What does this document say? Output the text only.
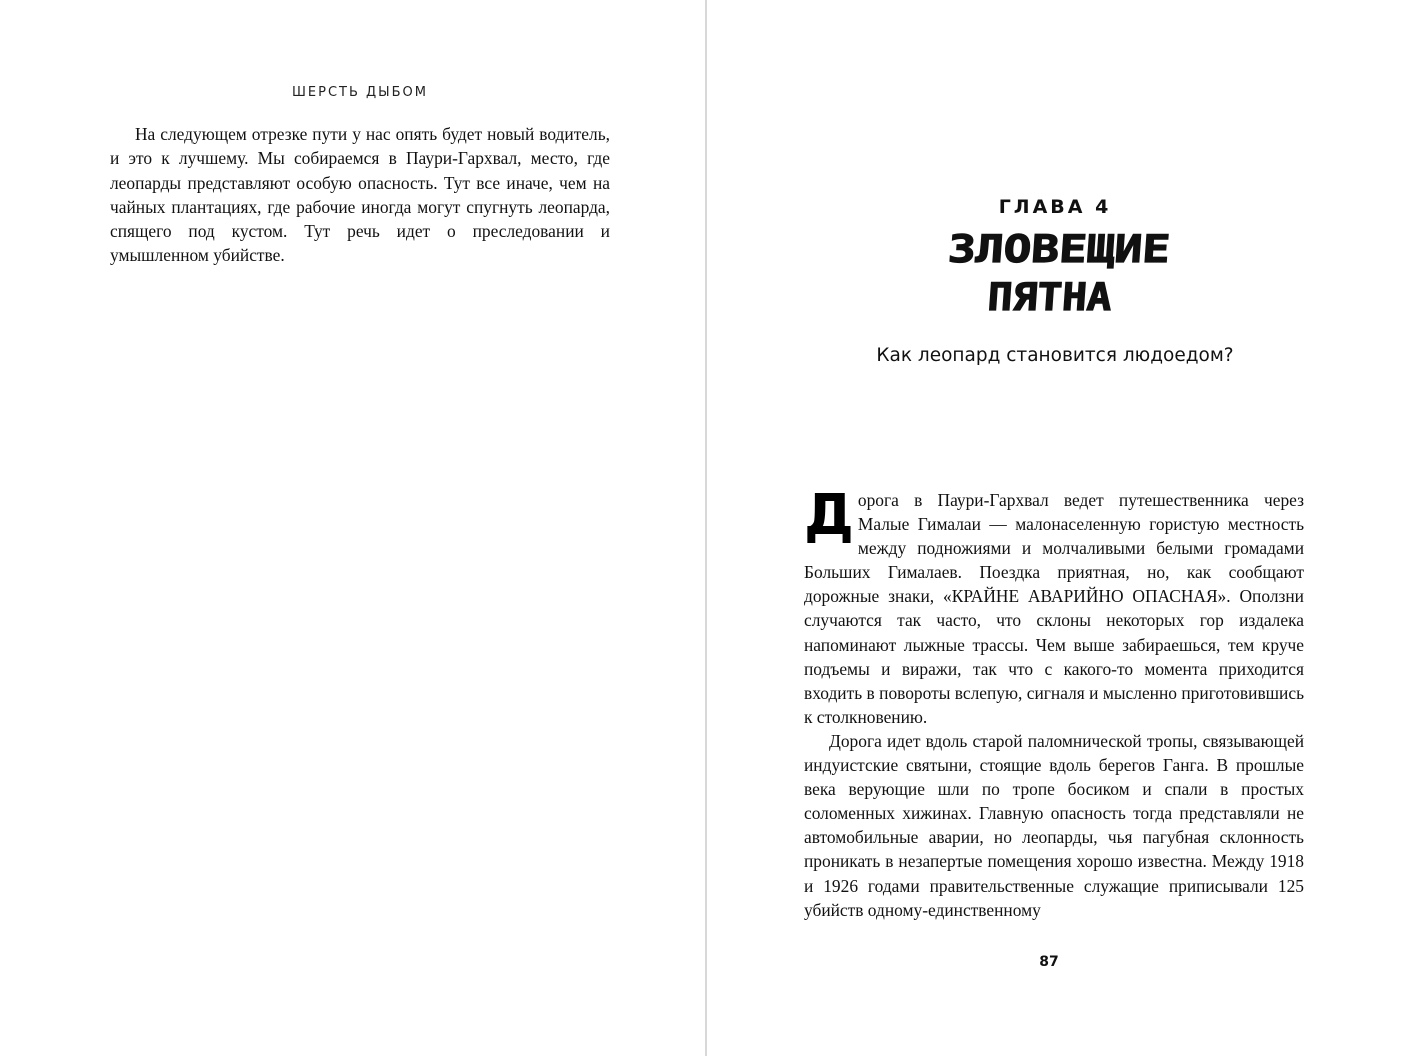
ШЕРСТЬ ДЫБОМ

На следующем отрезке пути у нас опять будет новый водитель, и это к лучшему. Мы собираемся в Паури-Гархвал, место, где леопарды представляют особую опасность. Тут все иначе, чем на чайных плантациях, где рабочие иногда могут спугнуть леопарда, спящего под кустом. Тут речь идет о преследовании и умышленном убийстве.

ГЛАВА 4
ЗЛОВЕЩИЕ
ПЯТНА
Как леопард становится людоедом?

Дорога в Паури-Гархвал ведет путешественника через Малые Гималаи — малонаселенную гористую местность между подножиями и молчаливыми белыми громадами Больших Гималаев. Поездка приятная, но, как сообщают дорожные знаки, «КРАЙНЕ АВАРИЙНО ОПАСНАЯ». Оползни случаются так часто, что склоны некоторых гор издалека напоминают лыжные трассы. Чем выше забираешься, тем круче подъемы и виражи, так что с какого-то момента приходится входить в повороты вслепую, сигналя и мысленно приготовившись к столкновению.

Дорога идет вдоль старой паломнической тропы, связывающей индуистские святыни, стоящие вдоль берегов Ганга. В прошлые века верующие шли по тропе босиком и спали в простых соломенных хижинах. Главную опасность тогда представляли не автомобильные аварии, но леопарды, чья пагубная склонность проникать в незапертые помещения хорошо известна. Между 1918 и 1926 годами правительственные служащие приписывали 125 убийств одному-единственному

87
